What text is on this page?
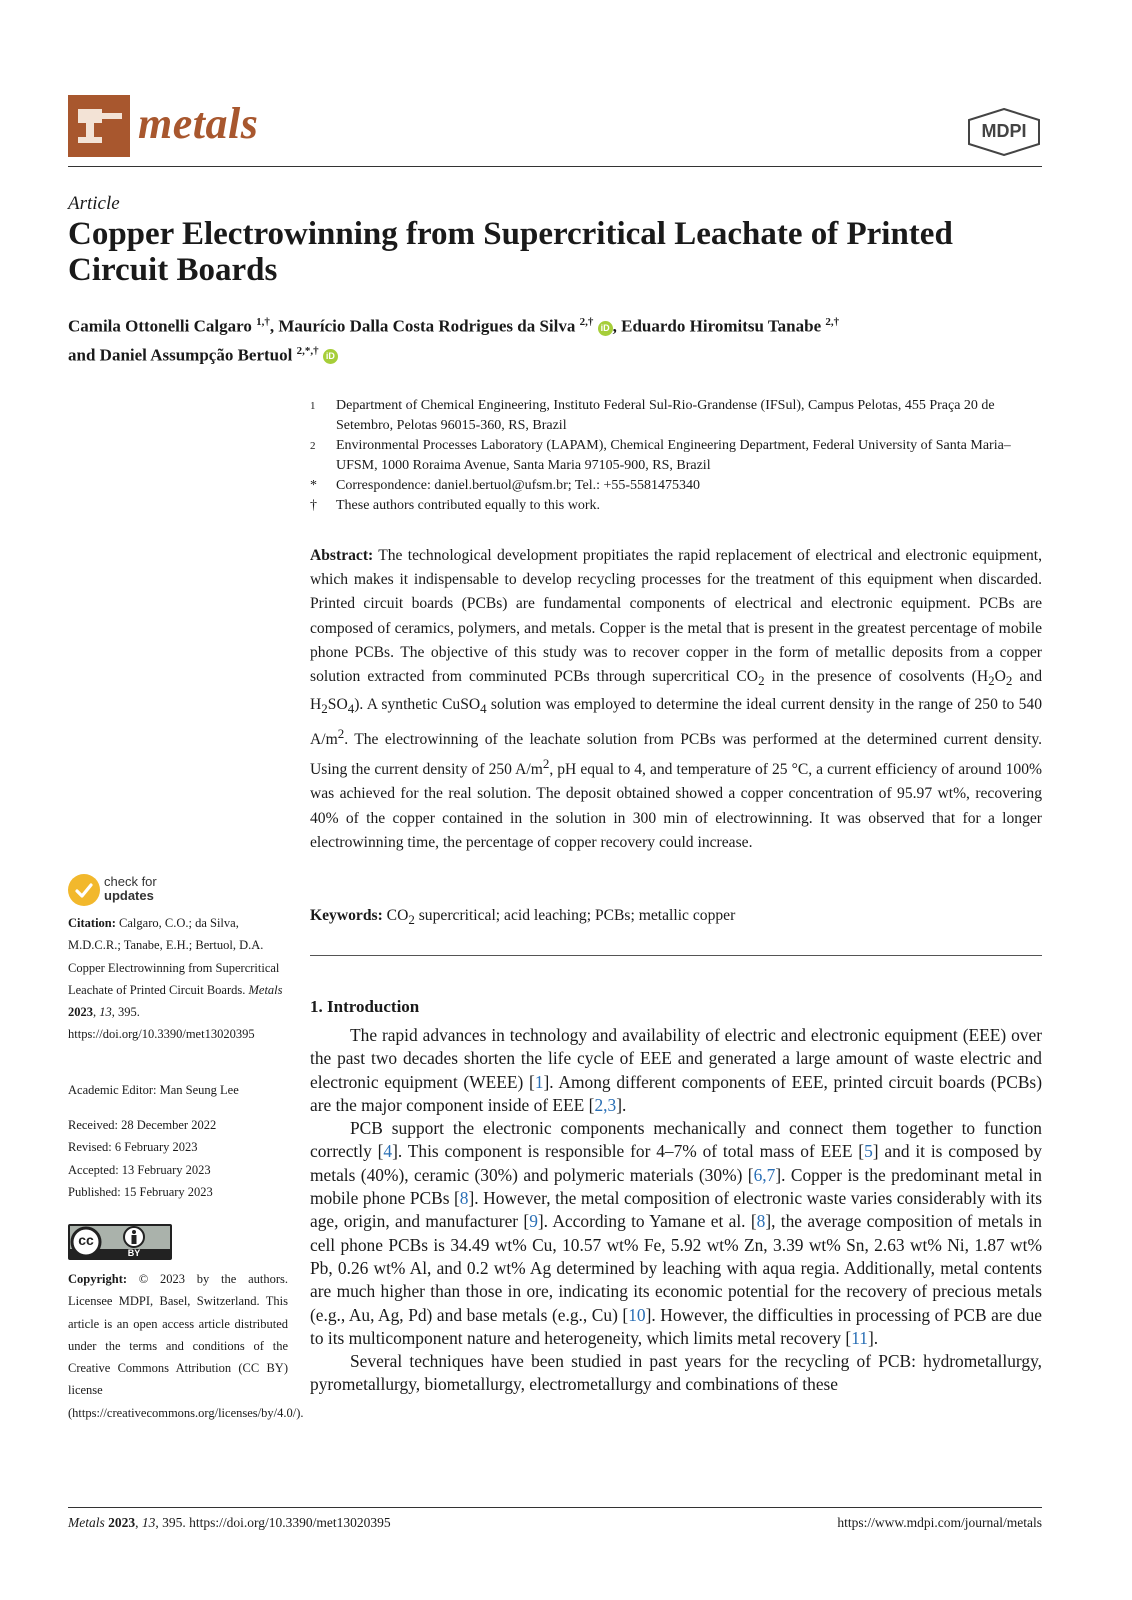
metals	MDPI
Article
Copper Electrowinning from Supercritical Leachate of Printed Circuit Boards
Camila Ottonelli Calgaro $^{1,\dagger}$, Maurício Dalla Costa Rodrigues da Silva $^{2,\dagger}$ iD , Eduardo Hiromitsu Tanabe $^{2,\dagger}$
and Daniel Assumpção Bertuol $^{2,*,\dagger}$ iD
1 Department of Chemical Engineering, Instituto Federal Sul-Rio-Grandense (IFSul), Campus Pelotas, 455 Praça 20 de Setembro, Pelotas 96015-360, RS, Brazil
2 Environmental Processes Laboratory (LAPAM), Chemical Engineering Department, Federal University of Santa Maria–UFSM, 1000 Roraima Avenue, Santa Maria 97105-900, RS, Brazil
* Correspondence: daniel.bertuol@ufsm.br; Tel.: +55-5581475340
† These authors contributed equally to this work.
Abstract: The technological development propitiates the rapid replacement of electrical and electronic equipment, which makes it indispensable to develop recycling processes for the treatment of this equipment when discarded. Printed circuit boards (PCBs) are fundamental components of electrical and electronic equipment. PCBs are composed of ceramics, polymers, and metals. Copper is the metal that is present in the greatest percentage of mobile phone PCBs. The objective of this study was to recover copper in the form of metallic deposits from a copper solution extracted from comminuted PCBs through supercritical $CO_2$ in the presence of cosolvents ($H_2O_2$ and $H_2SO_4$). A synthetic CuSO$_4$ solution was employed to determine the ideal current density in the range of 250 to 540 $A/m^2$. The electrowinning of the leachate solution from PCBs was performed at the determined current density. Using the current density of 250 $A/m^2$, pH equal to 4, and temperature of 25 °C, a current efficiency of around 100% was achieved for the real solution. The deposit obtained showed a copper concentration of 95.97 wt%, recovering 40% of the copper contained in the solution in 300 min of electrowinning. It was observed that for a longer electrowinning time, the percentage of copper recovery could increase.
Keywords: $CO_2$ supercritical; acid leaching; PCBs; metallic copper
1. Introduction

The rapid advances in technology and availability of electric and electronic equipment (EEE) over the past two decades shorten the life cycle of EEE and generated a large amount of waste electric and electronic equipment (WEEE) [1]. Among different components of EEE, printed circuit boards (PCBs) are the major component inside of EEE [2,3].

PCB support the electronic components mechanically and connect them together to function correctly [4]. This component is responsible for 4–7% of total mass of EEE [5] and it is composed by metals (40%), ceramic (30%) and polymeric materials (30%) [6,7]. Copper is the predominant metal in mobile phone PCBs [8]. However, the metal composition of electronic waste varies considerably with its age, origin, and manufacturer [9]. According to Yamane et al. [8], the average composition of metals in cell phone PCBs is 34.49 wt% Cu, 10.57 wt% Fe, 5.92 wt% Zn, 3.39 wt% Sn, 2.63 wt% Ni, 1.87 wt% Pb, 0.26 wt% Al, and 0.2 wt% Ag determined by leaching with aqua regia. Additionally, metal contents are much higher than those in ore, indicating its economic potential for the recovery of precious metals (e.g., Au, Ag, Pd) and base metals (e.g., Cu) [10]. However, the difficulties in processing of PCB are due to its multicomponent nature and heterogeneity, which limits metal recovery [11].

Several techniques have been studied in past years for the recycling of PCB: hydrometallurgy, pyrometallurgy, biometallurgy, electrometallurgy and combinations of these

check for
updates
Citation: Calgaro, C.O.; da Silva, M.D.C.R.; Tanabe, E.H.; Bertuol, D.A. Copper Electrowinning from Supercritical Leachate of Printed Circuit Boards. Metals 2023, 13, 395. https://doi.org/10.3390/met13020395
Academic Editor: Man Seung Lee
Received: 28 December 2022
Revised: 6 February 2023
Accepted: 13 February 2023
Published: 15 February 2023
cc
BY
Copyright: © 2023 by the authors. Licensee MDPI, Basel, Switzerland. This article is an open access article distributed under the terms and conditions of the Creative Commons Attribution (CC BY) license (https://creativecommons.org/licenses/by/4.0/).
Metals 2023, 13, 395. https://doi.org/10.3390/met13020395	https://www.mdpi.com/journal/metals
